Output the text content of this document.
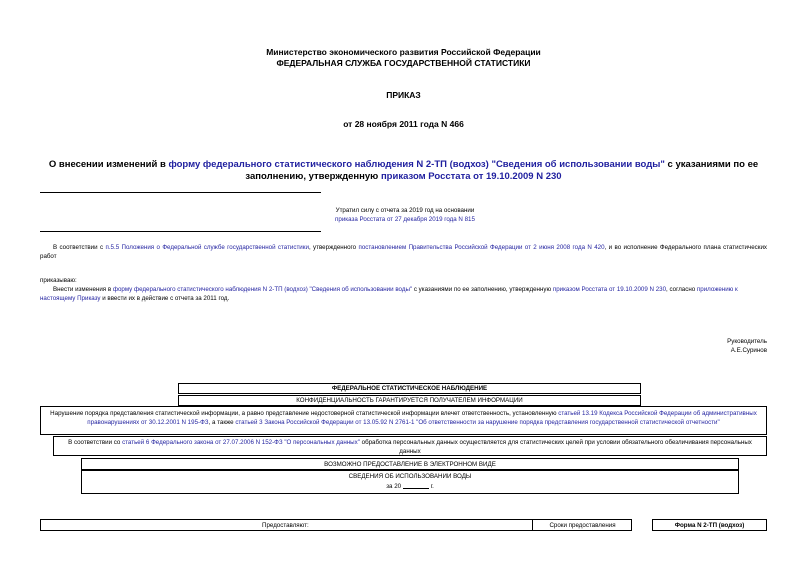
Министерство экономического развития Российской Федерации
ФЕДЕРАЛЬНАЯ СЛУЖБА ГОСУДАРСТВЕННОЙ СТАТИСТИКИ
ПРИКАЗ
от 28 ноября 2011 года N 466
О внесении изменений в форму федерального статистического наблюдения N 2-ТП (водхоз) "Сведения об использовании воды" с указаниями по ее заполнению, утвержденную приказом Росстата от 19.10.2009 N 230
Утратил силу с отчета за 2019 год на основании
приказа Росстата от 27 декабря 2019 года N 815
В соответствии с п.5.5 Положения о Федеральной службе государственной статистики, утвержденного постановлением Правительства Российской Федерации от 2 июня 2008 года N 420, и во исполнение Федерального плана статистических работ
приказываю:
Внести изменения в форму федерального статистического наблюдения N 2-ТП (водхоз) "Сведения об использовании воды" с указаниями по ее заполнению, утвержденную приказом Росстата от 19.10.2009 N 230, согласно приложению к настоящему Приказу и ввести их в действие с отчета за 2011 год.
Руководитель
А.Е.Суринов
ФЕДЕРАЛЬНОЕ СТАТИСТИЧЕСКОЕ НАБЛЮДЕНИЕ
КОНФИДЕНЦИАЛЬНОСТЬ ГАРАНТИРУЕТСЯ ПОЛУЧАТЕЛЕМ ИНФОРМАЦИИ
Нарушение порядка представления статистической информации, а равно представление недостоверной статистической информации влечет ответственность, установленную статьей 13.19 Кодекса Российской Федерации об административных правонарушениях от 30.12.2001 N 195-ФЗ, а также статьей 3 Закона Российской Федерации от 13.05.92 N 2761-1 "Об ответственности за нарушение порядка представления государственной статистической отчетности"
В соответствии со статьей 6 Федерального закона от 27.07.2006 N 152-ФЗ "О персональных данных" обработка персональных данных осуществляется для статистических целей при условии обязательного обезличивания персональных данных
ВОЗМОЖНО ПРЕДОСТАВЛЕНИЕ В ЭЛЕКТРОННОМ ВИДЕ
СВЕДЕНИЯ ОБ ИСПОЛЬЗОВАНИИ ВОДЫ
за 20	г.
Предоставляют:	Сроки предоставления	Форма N 2-ТП (водхоз)
